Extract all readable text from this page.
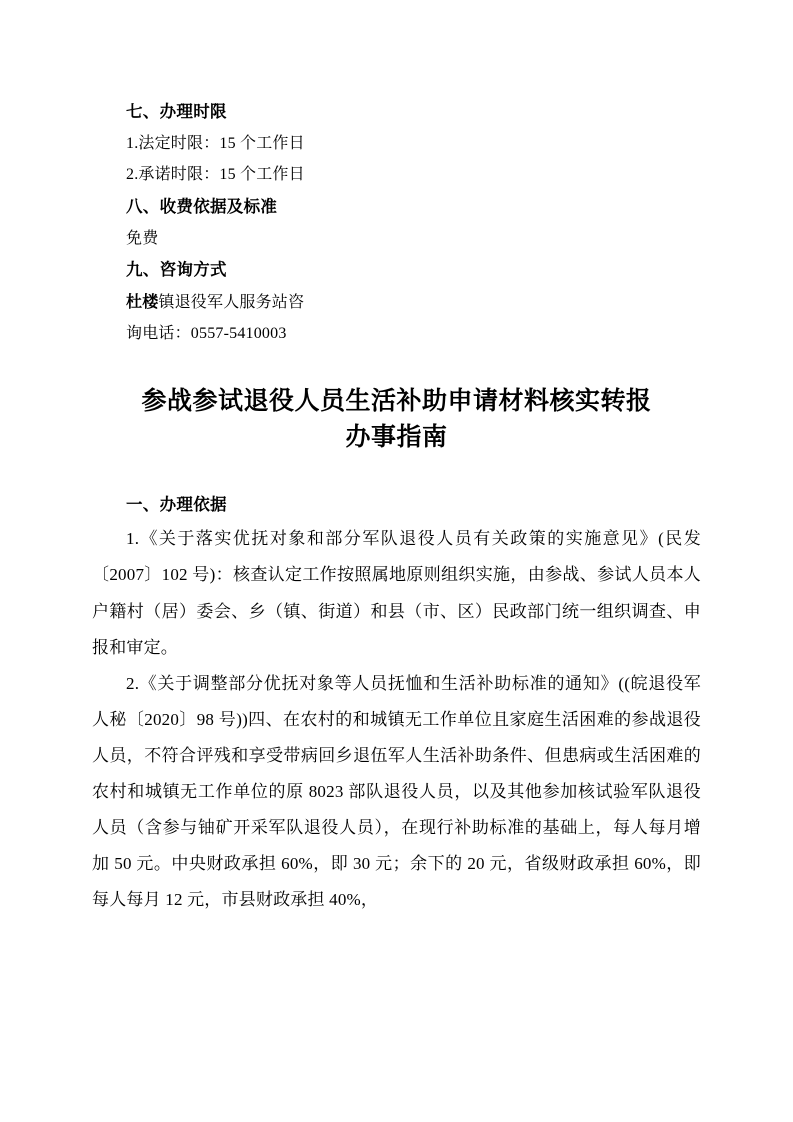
七、办理时限

1.法定时限：15 个工作日

2.承诺时限：15 个工作日

八、收费依据及标准

免费

九、咨询方式

杜楼镇退役军人服务站咨

询电话：0557-5410003

参战参试退役人员生活补助申请材料核实转报
办事指南
一、办理依据

1.《关于落实优抚对象和部分军队退役人员有关政策的实施意见》(民发〔2007〕102 号)：核查认定工作按照属地原则组织实施，由参战、参试人员本人户籍村（居）委会、乡（镇、街道）和县（市、区）民政部门统一组织调查、申报和审定。

2.《关于调整部分优抚对象等人员抚恤和生活补助标准的通知》((皖退役军人秘〔2020〕98 号))四、在农村的和城镇无工作单位且家庭生活困难的参战退役人员，不符合评残和享受带病回乡退伍军人生活补助条件、但患病或生活困难的农村和城镇无工作单位的原 8023 部队退役人员，以及其他参加核试验军队退役人员（含参与铀矿开采军队退役人员），在现行补助标准的基础上，每人每月增加 50 元。中央财政承担 60%，即 30 元；余下的 20 元，省级财政承担 60%，即每人每月 12 元，市县财政承担 40%，
